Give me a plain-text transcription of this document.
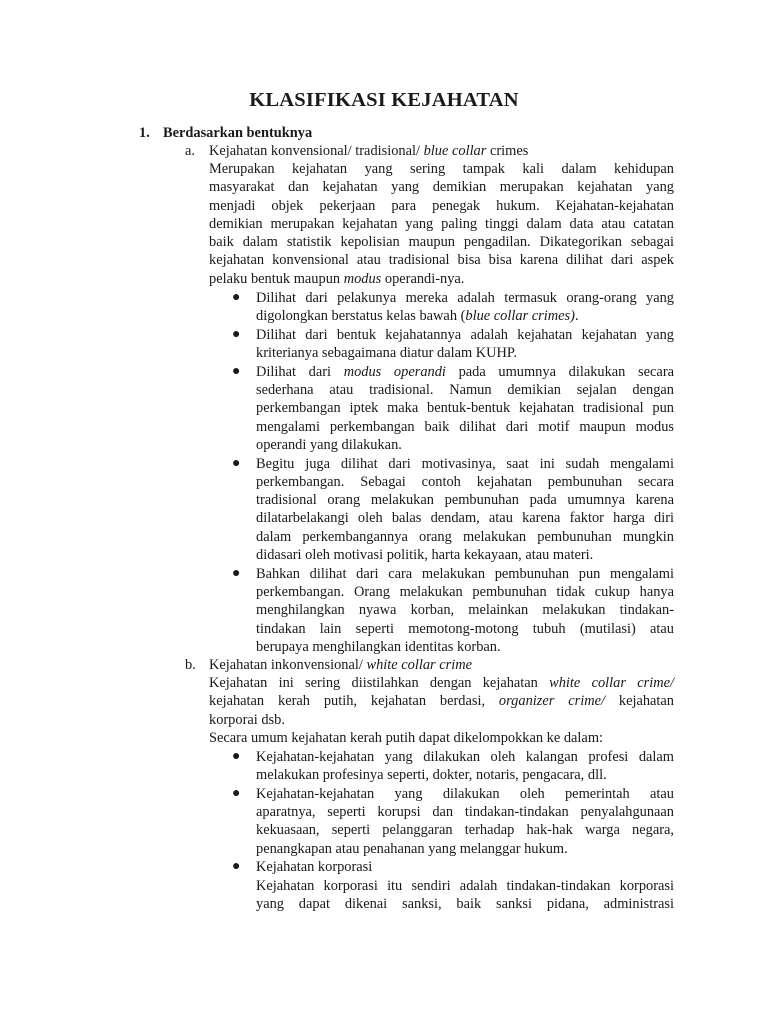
KLASIFIKASI KEJAHATAN
1. Berdasarkan bentuknya
a. Kejahatan konvensional/ tradisional/ blue collar crimes
Merupakan kejahatan yang sering tampak kali dalam kehidupan
masyarakat dan kejahatan yang demikian merupakan kejahatan yang
menjadi objek pekerjaan para penegak hukum. Kejahatan-kejahatan
demikian merupakan kejahatan yang paling tinggi dalam data atau catatan
baik dalam statistik kepolisian maupun pengadilan. Dikategorikan sebagai
kejahatan konvensional atau tradisional bisa bisa karena dilihat dari aspek
pelaku bentuk maupun modus operandi-nya.
●	Dilihat dari pelakunya mereka adalah termasuk orang-orang yang
digolongkan berstatus kelas bawah (blue collar crimes).
●	Dilihat dari bentuk kejahatannya adalah kejahatan kejahatan yang
kriterianya sebagaimana diatur dalam KUHP.
●	Dilihat dari modus operandi pada umumnya dilakukan secara
sederhana atau tradisional. Namun demikian sejalan dengan
perkembangan iptek maka bentuk-bentuk kejahatan tradisional pun
mengalami perkembangan baik dilihat dari motif maupun modus
operandi yang dilakukan.
●	Begitu juga dilihat dari motivasinya, saat ini sudah mengalami
perkembangan. Sebagai contoh kejahatan pembunuhan secara
tradisional orang melakukan pembunuhan pada umumnya karena
dilatarbelakangi oleh balas dendam, atau karena faktor harga diri
dalam perkembangannya orang melakukan pembunuhan mungkin
didasari oleh motivasi politik, harta kekayaan, atau materi.
●	Bahkan dilihat dari cara melakukan pembunuhan pun mengalami
perkembangan. Orang melakukan pembunuhan tidak cukup hanya
menghilangkan nyawa korban, melainkan melakukan tindakan-
tindakan lain seperti memotong-motong tubuh (mutilasi) atau
berupaya menghilangkan identitas korban.
b. Kejahatan inkonvensional/ white collar crime
Kejahatan ini sering diistilahkan dengan kejahatan white collar crime/
kejahatan kerah putih, kejahatan berdasi, organizer crime/ kejahatan
korporai dsb.
Secara umum kejahatan kerah putih dapat dikelompokkan ke dalam:
●	Kejahatan-kejahatan yang dilakukan oleh kalangan profesi dalam
melakukan profesinya seperti, dokter, notaris, pengacara, dll.
●	Kejahatan-kejahatan yang dilakukan oleh pemerintah atau
aparatnya, seperti korupsi dan tindakan-tindakan penyalahgunaan
kekuasaan, seperti pelanggaran terhadap hak-hak warga negara,
penangkapan atau penahanan yang melanggar hukum.
●	Kejahatan korporasi
Kejahatan korporasi itu sendiri adalah tindakan-tindakan korporasi
yang dapat dikenai sanksi, baik sanksi pidana, administrasi
